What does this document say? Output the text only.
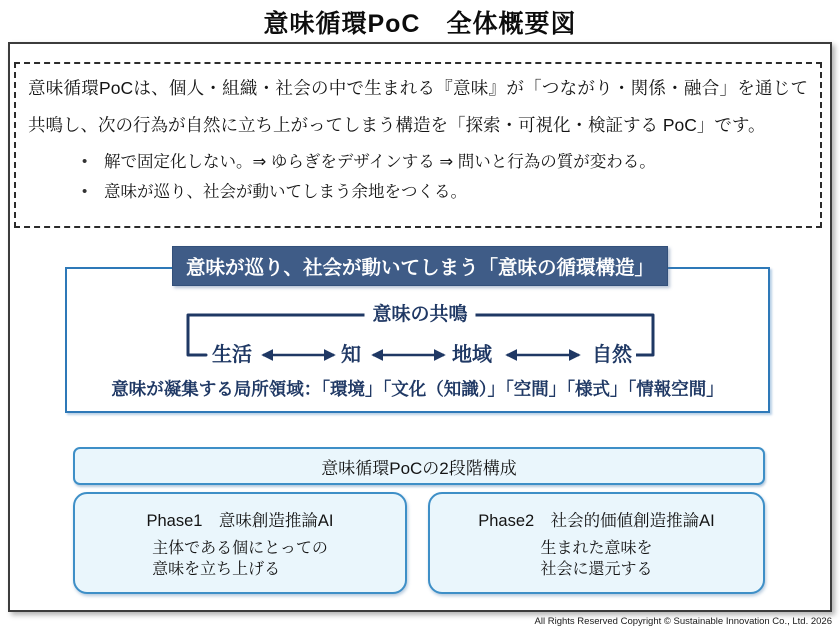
意味循環PoC　全体概要図
意味循環PoCは、個人・組織・社会の中で生まれる『意味』が「つながり・関係・融合」を通じて共鳴し、次の行為が自然に立ち上がってしまう構造を「探索・可視化・検証する PoC」です。
• 解で固定化しない。⇒ ゆらぎをデザインする ⇒ 問いと行為の質が変わる。
• 意味が巡り、社会が動いてしまう余地をつくる。
意味が巡り、社会が動いてしまう「意味の循環構造」
意味の共鳴
生活	知	地域	自然
意味が凝集する局所領域：「環境」「文化（知識）」「空間」「様式」「情報空間」
意味循環PoCの2段階構成
Phase1　意味創造推論AI
主体である個にとっての
意味を立ち上げる
Phase2　社会的価値創造推論AI
生まれた意味を
社会に還元する
All Rights Reserved Copyright © Sustainable Innovation Co., Ltd. 2026
